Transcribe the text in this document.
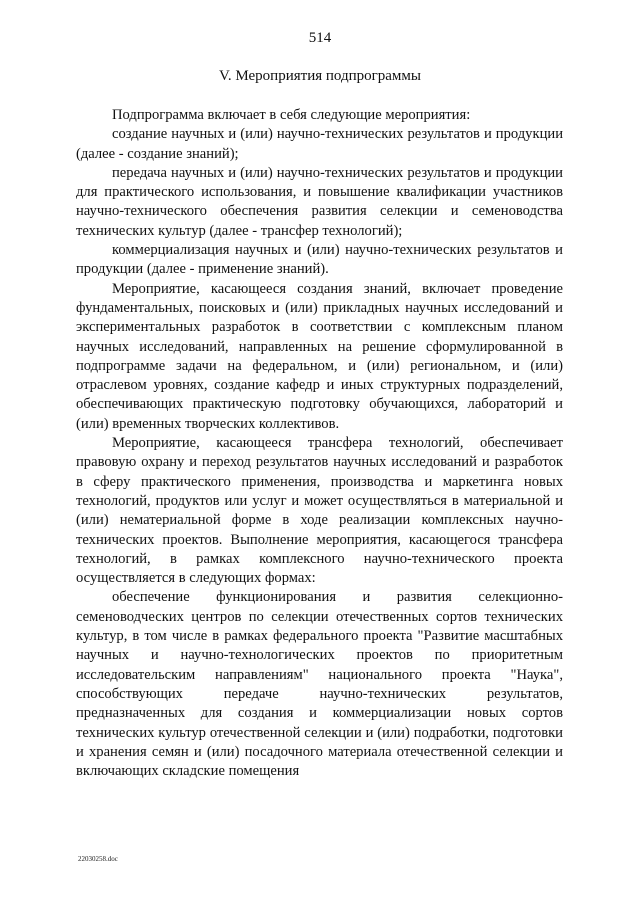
514
V. Мероприятия подпрограммы

Подпрограмма включает в себя следующие мероприятия:

создание научных и (или) научно-технических результатов и продукции (далее - создание знаний);

передача научных и (или) научно-технических результатов и продукции для практического использования, и повышение квалификации участников научно-технического обеспечения развития селекции и семеноводства технических культур (далее - трансфер технологий);

коммерциализация научных и (или) научно-технических результатов и продукции (далее - применение знаний).

Мероприятие, касающееся создания знаний, включает проведение фундаментальных, поисковых и (или) прикладных научных исследований и экспериментальных разработок в соответствии с комплексным планом научных исследований, направленных на решение сформулированной в подпрограмме задачи на федеральном, и (или) региональном, и (или) отраслевом уровнях, создание кафедр и иных структурных подразделений, обеспечивающих практическую подготовку обучающихся, лабораторий и (или) временных творческих коллективов.

Мероприятие, касающееся трансфера технологий, обеспечивает правовую охрану и переход результатов научных исследований и разработок в сферу практического применения, производства и маркетинга новых технологий, продуктов или услуг и может осуществляться в материальной и (или) нематериальной форме в ходе реализации комплексных научно-технических проектов. Выполнение мероприятия, касающегося трансфера технологий, в рамках комплексного научно-технического проекта осуществляется в следующих формах:

обеспечение функционирования и развития селекционно-семеноводческих центров по селекции отечественных сортов технических культур, в том числе в рамках федерального проекта "Развитие масштабных научных и научно-технологических проектов по приоритетным исследовательским направлениям" национального проекта "Наука", способствующих передаче научно-технических результатов, предназначенных для создания и коммерциализации новых сортов технических культур отечественной селекции и (или) подработки, подготовки и хранения семян и (или) посадочного материала отечественной селекции и включающих складские помещения

22030258.doc
